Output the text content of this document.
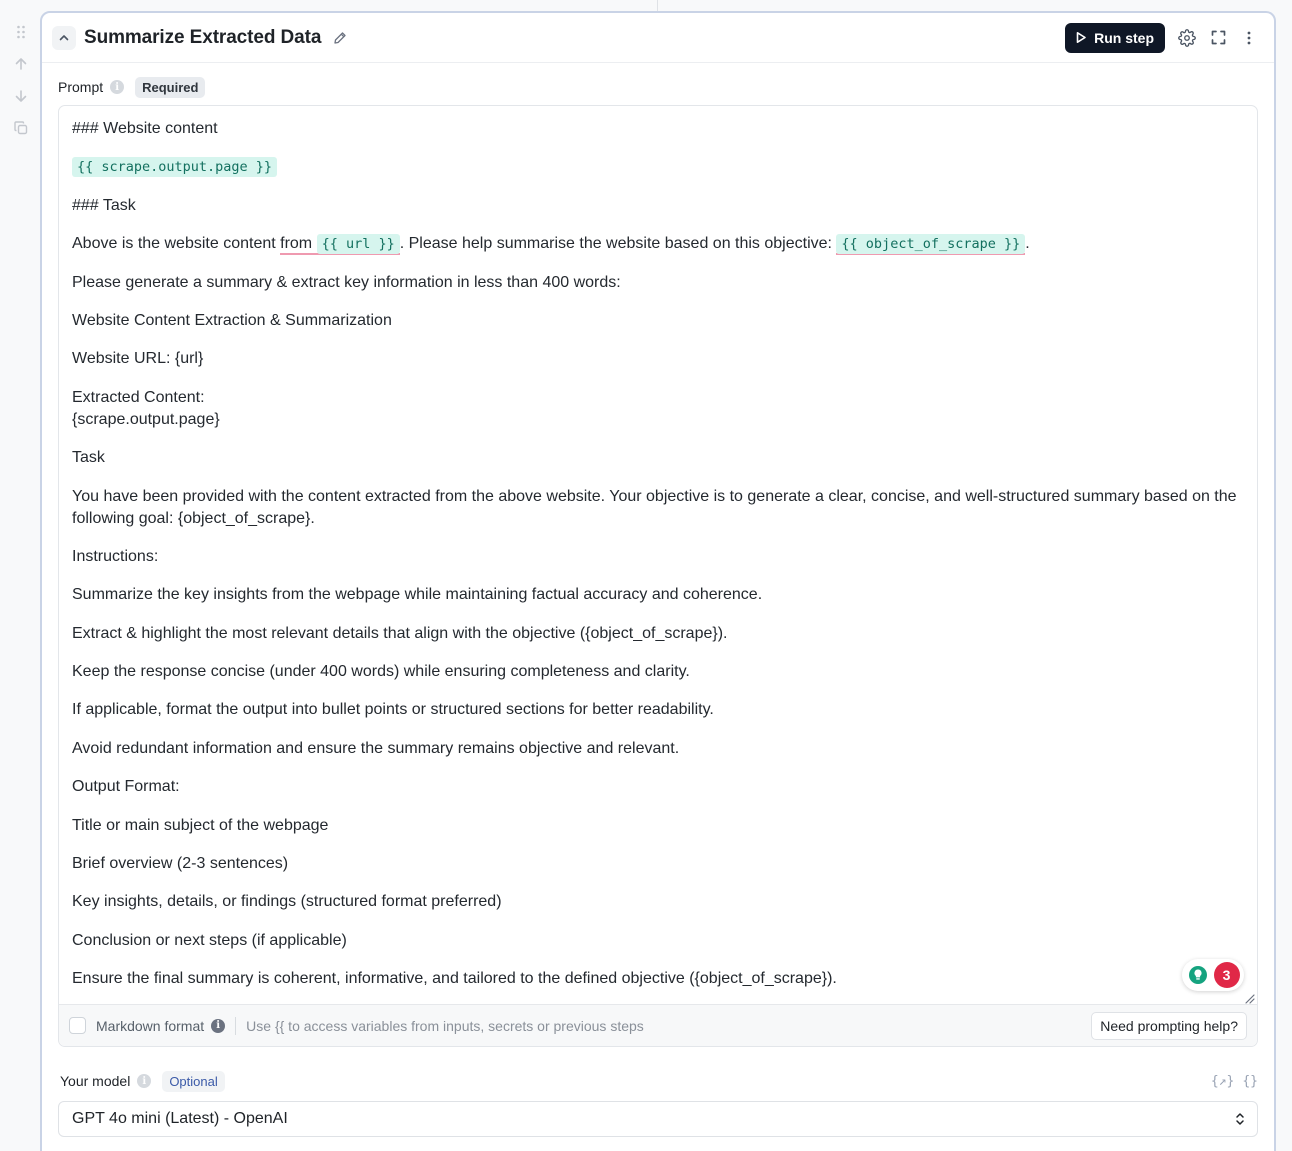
Summarize Extracted Data	Run step
Prompt	i	Required

### Website content

{{ scrape.output.page }}

### Task

Above is the website content from {{ url }} . Please help summarise the website based on this objective: {{ object_of_scrape }} .

Please generate a summary & extract key information in less than 400 words:

Website Content Extraction & Summarization

Website URL: {url}

Extracted Content:
{scrape.output.page}

Task

You have been provided with the content extracted from the above website. Your objective is to generate a clear, concise, and well-structured summary based on the following goal: {object_of_scrape}.

Instructions:

Summarize the key insights from the webpage while maintaining factual accuracy and coherence.

Extract & highlight the most relevant details that align with the objective ({object_of_scrape}).

Keep the response concise (under 400 words) while ensuring completeness and clarity.

If applicable, format the output into bullet points or structured sections for better readability.

Avoid redundant information and ensure the summary remains objective and relevant.

Output Format:

Title or main subject of the webpage

Brief overview (2-3 sentences)

Key insights, details, or findings (structured format preferred)

Conclusion or next steps (if applicable)

Ensure the final summary is coherent, informative, and tailored to the defined objective ({object_of_scrape}).	3
Markdown format	i	Use {{ to access variables from inputs, secrets or previous steps	Need prompting help?
Your model	i	Optional	{↗} {}
GPT 4o mini (Latest) - OpenAI
